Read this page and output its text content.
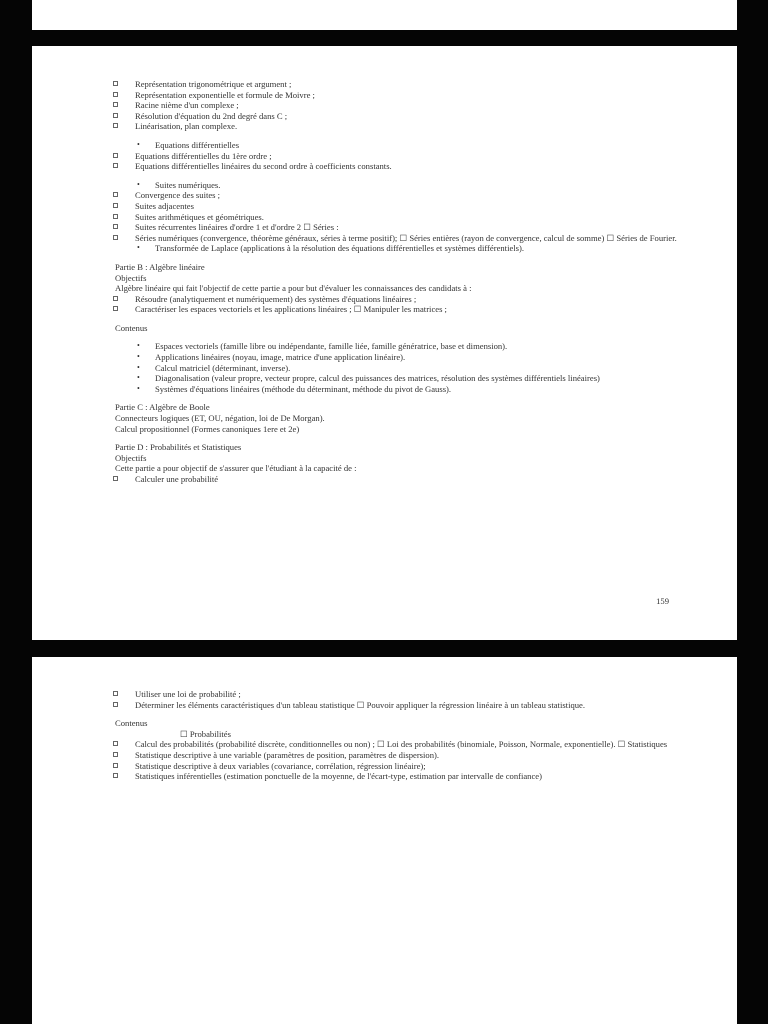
Représentation trigonométrique et argument ;
Représentation exponentielle et formule de Moivre ;
Racine nième d'un complexe ;
Résolution d'équation du 2nd degré dans C ;
Linéarisation, plan complexe.
• Equations différentielles
Equations différentielles du 1ère ordre ;
Equations différentielles linéaires du second ordre à coefficients constants.
• Suites numériques.
Convergence des suites ;
Suites adjacentes
Suites arithmétiques et géométriques.
Suites récurrentes linéaires d'ordre 1 et d'ordre 2 ☐ Séries :
Séries numériques (convergence, théorème généraux, séries à terme positif); ☐ Séries entières (rayon de convergence, calcul de somme) ☐ Séries de Fourier.
• Transformée de Laplace (applications à la résolution des équations différentielles et systèmes différentiels).
Partie B : Algèbre linéaire
Objectifs
Algèbre linéaire qui fait l'objectif de cette partie a pour but d'évaluer les connaissances des candidats à :
Résoudre (analytiquement et numériquement) des systèmes d'équations linéaires ;
Caractériser les espaces vectoriels et les applications linéaires ; ☐ Manipuler les matrices ;
Contenus
• Espaces vectoriels (famille libre ou indépendante, famille liée, famille génératrice, base et dimension).
• Applications linéaires (noyau, image, matrice d'une application linéaire).
• Calcul matriciel (déterminant, inverse).
• Diagonalisation (valeur propre, vecteur propre, calcul des puissances des matrices, résolution des systèmes différentiels linéaires)
• Systèmes d'équations linéaires (méthode du déterminant, méthode du pivot de Gauss).
Partie C : Algèbre de Boole
Connecteurs logiques (ET, OU, négation, loi de De Morgan).
Calcul propositionnel (Formes canoniques 1ere et 2e)
Partie D : Probabilités et Statistiques
Objectifs
Cette partie a pour objectif de s'assurer que l'étudiant à la capacité de :
Calculer une probabilité
159
Utiliser une loi de probabilité ;
Déterminer les éléments caractéristiques d'un tableau statistique ☐ Pouvoir appliquer la régression linéaire à un tableau statistique.
Contenus
☐ Probabilités
Calcul des probabilités (probabilité discrète, conditionnelles ou non) ; ☐ Loi des probabilités (binomiale, Poisson, Normale, exponentielle). ☐ Statistiques
Statistique descriptive à une variable (paramètres de position, paramètres de dispersion).
Statistique descriptive à deux variables (covariance, corrélation, régression linéaire);
Statistiques inférentielles (estimation ponctuelle de la moyenne, de l'écart-type, estimation par intervalle de confiance)
